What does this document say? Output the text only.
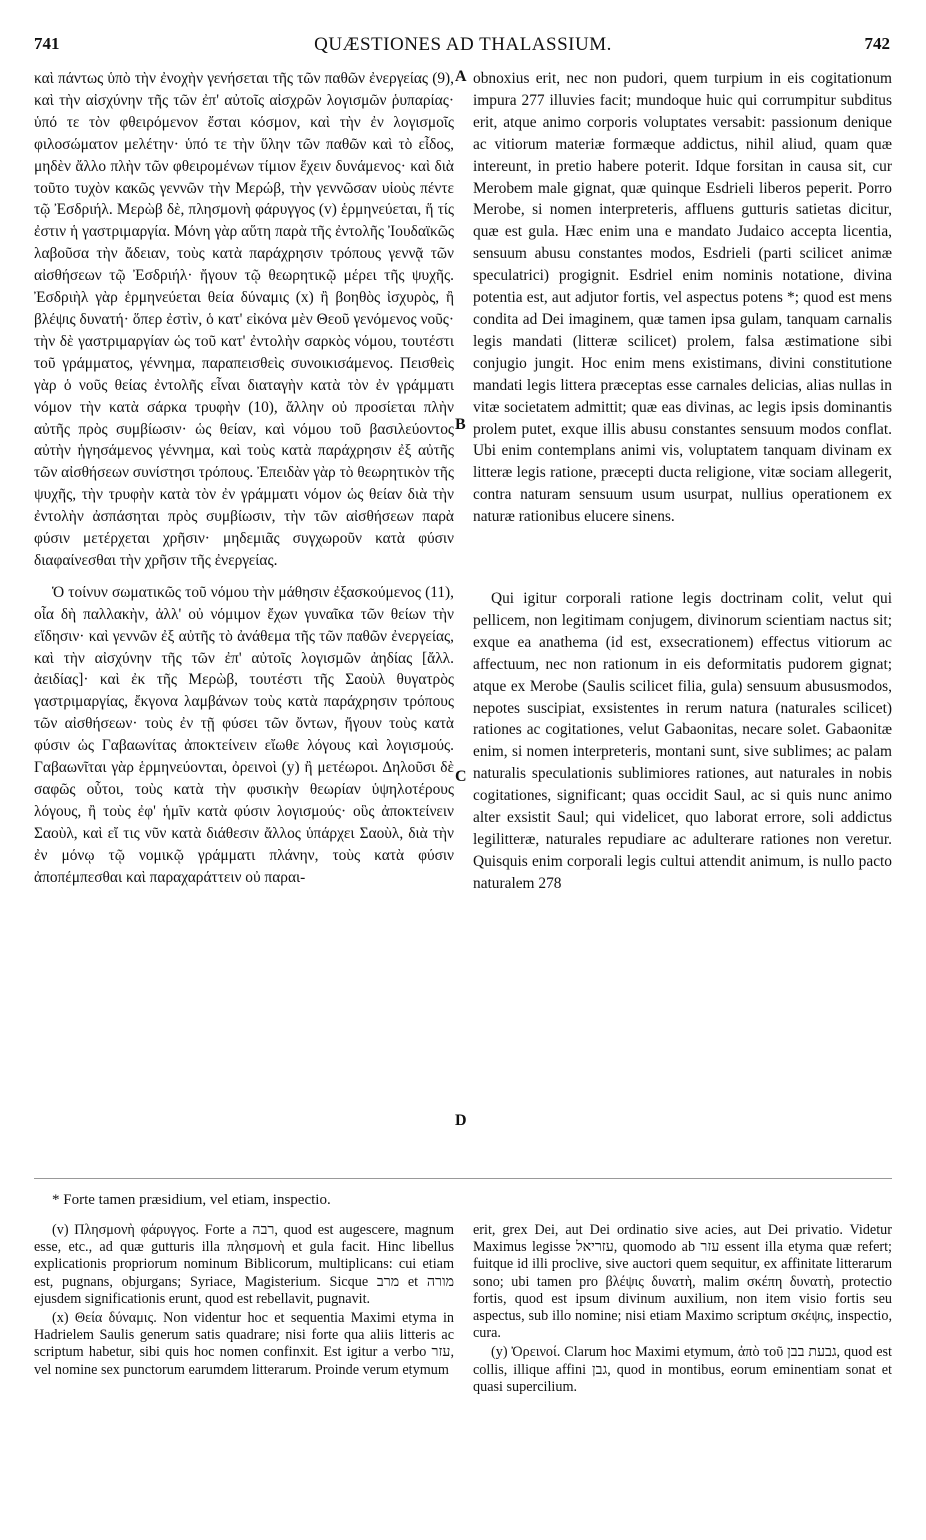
741	QUÆSTIONES AD THALASSIUM.	742

καὶ πάντως ὑπὸ τὴν ἐνοχὴν γενήσεται τῆς τῶν παθῶν ἐνεργείας (9), καὶ τὴν αἰσχύνην τῆς τῶν ἐπ' αὐτοῖς αἰσχρῶν λογισμῶν ῥυπαρίας· ὑπό τε τὸν φθειρόμενον ἔσται κόσμον, καὶ τὴν ἐν λογισμοῖς φιλοσώματον μελέτην· ὑπό τε τὴν ὕλην τῶν παθῶν καὶ τὸ εἶδος, μηδὲν ἄλλο πλὴν τῶν φθειρομένων τίμιον ἔχειν δυνάμενος· καὶ διὰ τοῦτο τυχὸν κακῶς γεννῶν τὴν Μερώβ, τὴν γεννῶσαν υἱοὺς πέντε τῷ Ἐσδριήλ. Μερὼβ δὲ, πλησμονὴ φάρυγγος (v) ἑρμηνεύεται, ἥ τίς ἐστιν ἡ γαστριμαργία. Μόνη γὰρ αὕτη παρὰ τῆς ἐντολῆς Ἰουδαϊκῶς λαβοῦσα τὴν ἄδειαν, τοὺς κατὰ παράχρησιν τρόπους γεννᾷ τῶν αἰσθήσεων τῷ Ἐσδριήλ· ἤγουν τῷ θεωρητικῷ μέρει τῆς ψυχῆς. Ἐσδριὴλ γὰρ ἑρμηνεύεται θεία δύναμις (x) ἢ βοηθὸς ἰσχυρὸς, ἢ βλέψις δυνατή· ὅπερ ἐστὶν, ὁ κατ' εἰκόνα μὲν Θεοῦ γενόμενος νοῦς· τὴν δὲ γαστριμαργίαν ὡς τοῦ κατ' ἐντολὴν σαρκὸς νόμου, τουτέστι τοῦ γράμματος, γέννημα, παραπεισθεὶς συνοικισάμενος. Πεισθεὶς γὰρ ὁ νοῦς θείας ἐντολῆς εἶναι διαταγὴν κατὰ τὸν ἐν γράμματι νόμον τὴν κατὰ σάρκα τρυφὴν (10), ἄλλην οὐ προσίεται πλὴν αὐτῆς πρὸς συμβίωσιν· ὡς θείαν, καὶ νόμου τοῦ βασιλεύοντος αὐτὴν ἡγησάμενος γέννημα, καὶ τοὺς κατὰ παράχρησιν ἐξ αὐτῆς τῶν αἰσθήσεων συνίστησι τρόπους. Ἐπειδὰν γὰρ τὸ θεωρητικὸν τῆς ψυχῆς, τὴν τρυφὴν κατὰ τὸν ἐν γράμματι νόμον ὡς θείαν διὰ τὴν ἐντολὴν ἀσπάσηται πρὸς συμβίωσιν, τὴν τῶν αἰσθήσεων παρὰ φύσιν μετέρχεται χρῆσιν· μηδεμιᾶς συγχωροῦν κατὰ φύσιν διαφαίνεσθαι τὴν χρῆσιν τῆς ἐνεργείας.

Ὁ τοίνυν σωματικῶς τοῦ νόμου τὴν μάθησιν ἐξασκούμενος (11), οἷα δὴ παλλακὴν, ἀλλ' οὐ νόμιμον ἔχων γυναῖκα τῶν θείων τὴν εἴδησιν· καὶ γεννῶν ἐξ αὐτῆς τὸ ἀνάθεμα τῆς τῶν παθῶν ἐνεργείας, καὶ τὴν αἰσχύνην τῆς τῶν ἐπ' αὐτοῖς λογισμῶν ἀηδίας [ἄλλ. ἀειδίας]· καὶ ἐκ τῆς Μερὼβ, τουτέστι τῆς Σαοὺλ θυγατρὸς γαστριμαργίας, ἔκγονα λαμβάνων τοὺς κατὰ παράχρησιν τρόπους τῶν αἰσθήσεων· τοὺς ἐν τῇ φύσει τῶν ὄντων, ἤγουν τοὺς κατὰ φύσιν ὡς Γαβαωνίτας ἀποκτείνειν εἴωθε λόγους καὶ λογισμούς. Γαβαωνῖται γὰρ ἑρμηνεύονται, ὀρεινοὶ (y) ἢ μετέωροι. Δηλοῦσι δὲ σαφῶς οὗτοι, τοὺς κατὰ τὴν φυσικὴν θεωρίαν ὑψηλοτέρους λόγους, ἢ τοὺς ἐφ' ἡμῖν κατὰ φύσιν λογισμούς· οὓς ἀποκτείνειν Σαοὺλ, καὶ εἴ τις νῦν κατὰ διάθεσιν ἄλλος ὑπάρχει Σαοὺλ, διὰ τὴν ἐν μόνῳ τῷ νομικῷ γράμματι πλάνην, τοὺς κατὰ φύσιν ἀποπέμπεσθαι καὶ παραχαράττειν οὐ παραι-

A
B
C
D

obnoxius erit, nec non pudori, quem turpium in eis cogitationum impura 277 illuvies facit; mundoque huic qui corrumpitur subditus erit, atque animo corporis voluptates versabit: passionum denique ac vitiorum materiæ formæque addictus, nihil aliud, quam quæ intereunt, in pretio habere poterit. Idque forsitan in causa sit, cur Merobem male gignat, quæ quinque Esdrieli liberos peperit. Porro Merobe, si nomen interpreteris, affluens gutturis satietas dicitur, quæ est gula. Hæc enim una e mandato Judaico accepta licentia, sensuum abusu constantes modos, Esdrieli (parti scilicet animæ speculatrici) progignit. Esdriel enim nominis notatione, divina potentia est, aut adjutor fortis, vel aspectus potens *; quod est mens condita ad Dei imaginem, quæ tamen ipsa gulam, tanquam carnalis legis mandati (litteræ scilicet) prolem, falsa æstimatione sibi conjugio jungit. Hoc enim mens existimans, divini constitutione mandati legis littera præceptas esse carnales delicias, alias nullas in vitæ societatem admittit; quæ eas divinas, ac legis ipsis dominantis prolem putet, exque illis abusu constantes sensuum modos conflat. Ubi enim contemplans animi vis, voluptatem tanquam divinam ex litteræ legis ratione, præcepti ducta religione, vitæ sociam allegerit, contra naturam sensuum usum usurpat, nullius operationem ex naturæ rationibus elucere sinens.

Qui igitur corporali ratione legis doctrinam colit, velut qui pellicem, non legitimam conjugem, divinorum scientiam nactus sit; exque ea anathema (id est, exsecrationem) effectus vitiorum ac affectuum, nec non rationum in eis deformitatis pudorem gignat; atque ex Merobe (Saulis scilicet filia, gula) sensuum abususmodos, nepotes suscipiat, exsistentes in rerum natura (naturales scilicet) rationes ac cogitationes, velut Gabaonitas, necare solet. Gabaonitæ enim, si nomen interpreteris, montani sunt, sive sublimes; ac palam naturalis speculationis sublimiores rationes, aut naturales in nobis cogitationes, significant; quas occidit Saul, ac si quis nunc animo alter exsistit Saul; qui videlicet, quo laborat errore, soli addictus legilitteræ, naturales repudiare ac adulterare rationes non veretur. Quisquis enim corporali legis cultui attendit animum, is nullo pacto naturalem 278

* Forte tamen præsidium, vel etiam, inspectio.

(v) Πλησμονὴ φάρυγγος. Forte a רבה, quod est augescere, magnum esse, etc., ad quæ gutturis illa πλησμονὴ et gula facit. Hinc libellus explicationis propriorum nominum Biblicorum, multiplicans: cui etiam est, pugnans, objurgans; Syriace, Magisterium. Sicque מרב et מורה ejusdem significationis erunt, quod est rebellavit, pugnavit.

(x) Θεία δύναμις. Non videntur hoc et sequentia Maximi etyma in Hadrielem Saulis generum satis quadrare; nisi forte qua aliis litteris ac scriptum habetur, sibi quis hoc nomen confinxit. Est igitur a verbo עזר, vel nomine sex punctorum earumdem litterarum. Proinde verum etymum

erit, grex Dei, aut Dei ordinatio sive acies, aut Dei privatio. Videtur Maximus legisse עזריאל, quomodo ab עזר essent illa etyma quæ refert; fuitque id illi proclive, sive auctori quem sequitur, ex affinitate litterarum sono; ubi tamen pro βλέψις δυνατὴ, malim σκέπη δυνατὴ, protectio fortis, quod est ipsum divinum auxilium, non item visio fortis seu aspectus, sub illo nomine; nisi etiam Maximo scriptum σκέψις, inspectio, cura.

(y) Ὀρεινοί. Clarum hoc Maximi etymum, ἀπὸ τοῦ גבעת בבן, quod est collis, illique affini גבן, quod in montibus, eorum eminentiam sonat et quasi supercilium.
